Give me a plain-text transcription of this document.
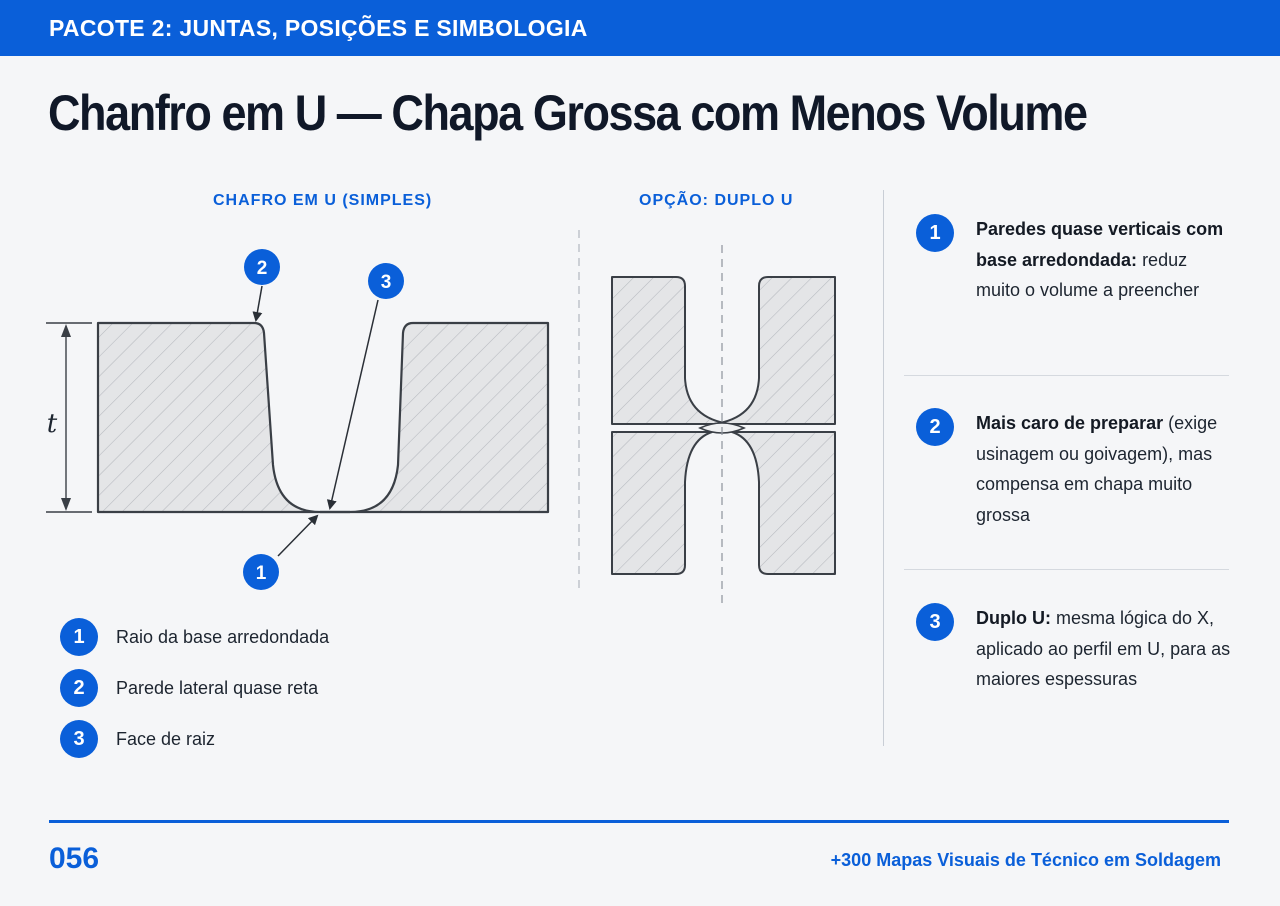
PACOTE 2: JUNTAS, POSIÇÕES E SIMBOLOGIA
Chanfro em U — Chapa Grossa com Menos Volume
CHAFRO EM U (SIMPLES)	OPÇÃO: DUPLO U
t
1
2
3
1	Raio da base arredondada
2	Parede lateral quase reta
3	Face de raiz
1	Paredes quase verticais com base arredondada: reduz muito o volume a preencher
2	Mais caro de preparar (exige usinagem ou goivagem), mas compensa em chapa muito grossa
3	Duplo U: mesma lógica do X, aplicado ao perfil em U, para as maiores espessuras
056	+300 Mapas Visuais de Técnico em Soldagem
